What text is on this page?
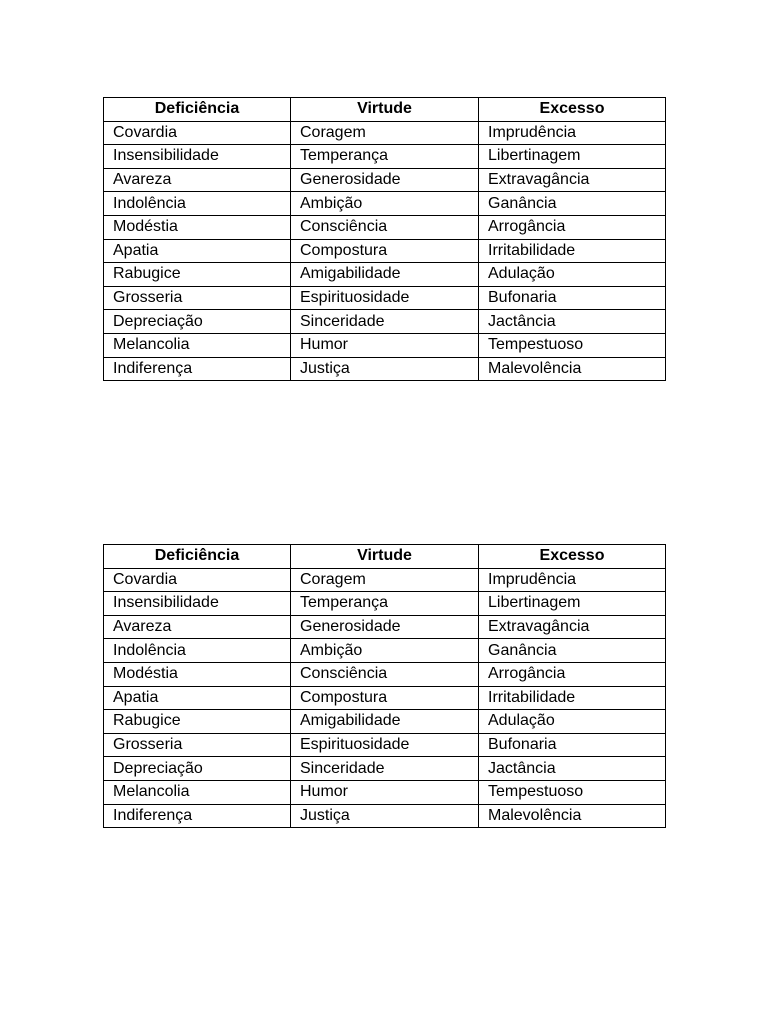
Deficiência	Virtude	Excesso
Covardia	Coragem	Imprudência
Insensibilidade	Temperança	Libertinagem
Avareza	Generosidade	Extravagância
Indolência	Ambição	Ganância
Modéstia	Consciência	Arrogância
Apatia	Compostura	Irritabilidade
Rabugice	Amigabilidade	Adulação
Grosseria	Espirituosidade	Bufonaria
Depreciação	Sinceridade	Jactância
Melancolia	Humor	Tempestuoso
Indiferença	Justiça	Malevolência
Deficiência	Virtude	Excesso
Covardia	Coragem	Imprudência
Insensibilidade	Temperança	Libertinagem
Avareza	Generosidade	Extravagância
Indolência	Ambição	Ganância
Modéstia	Consciência	Arrogância
Apatia	Compostura	Irritabilidade
Rabugice	Amigabilidade	Adulação
Grosseria	Espirituosidade	Bufonaria
Depreciação	Sinceridade	Jactância
Melancolia	Humor	Tempestuoso
Indiferença	Justiça	Malevolência
